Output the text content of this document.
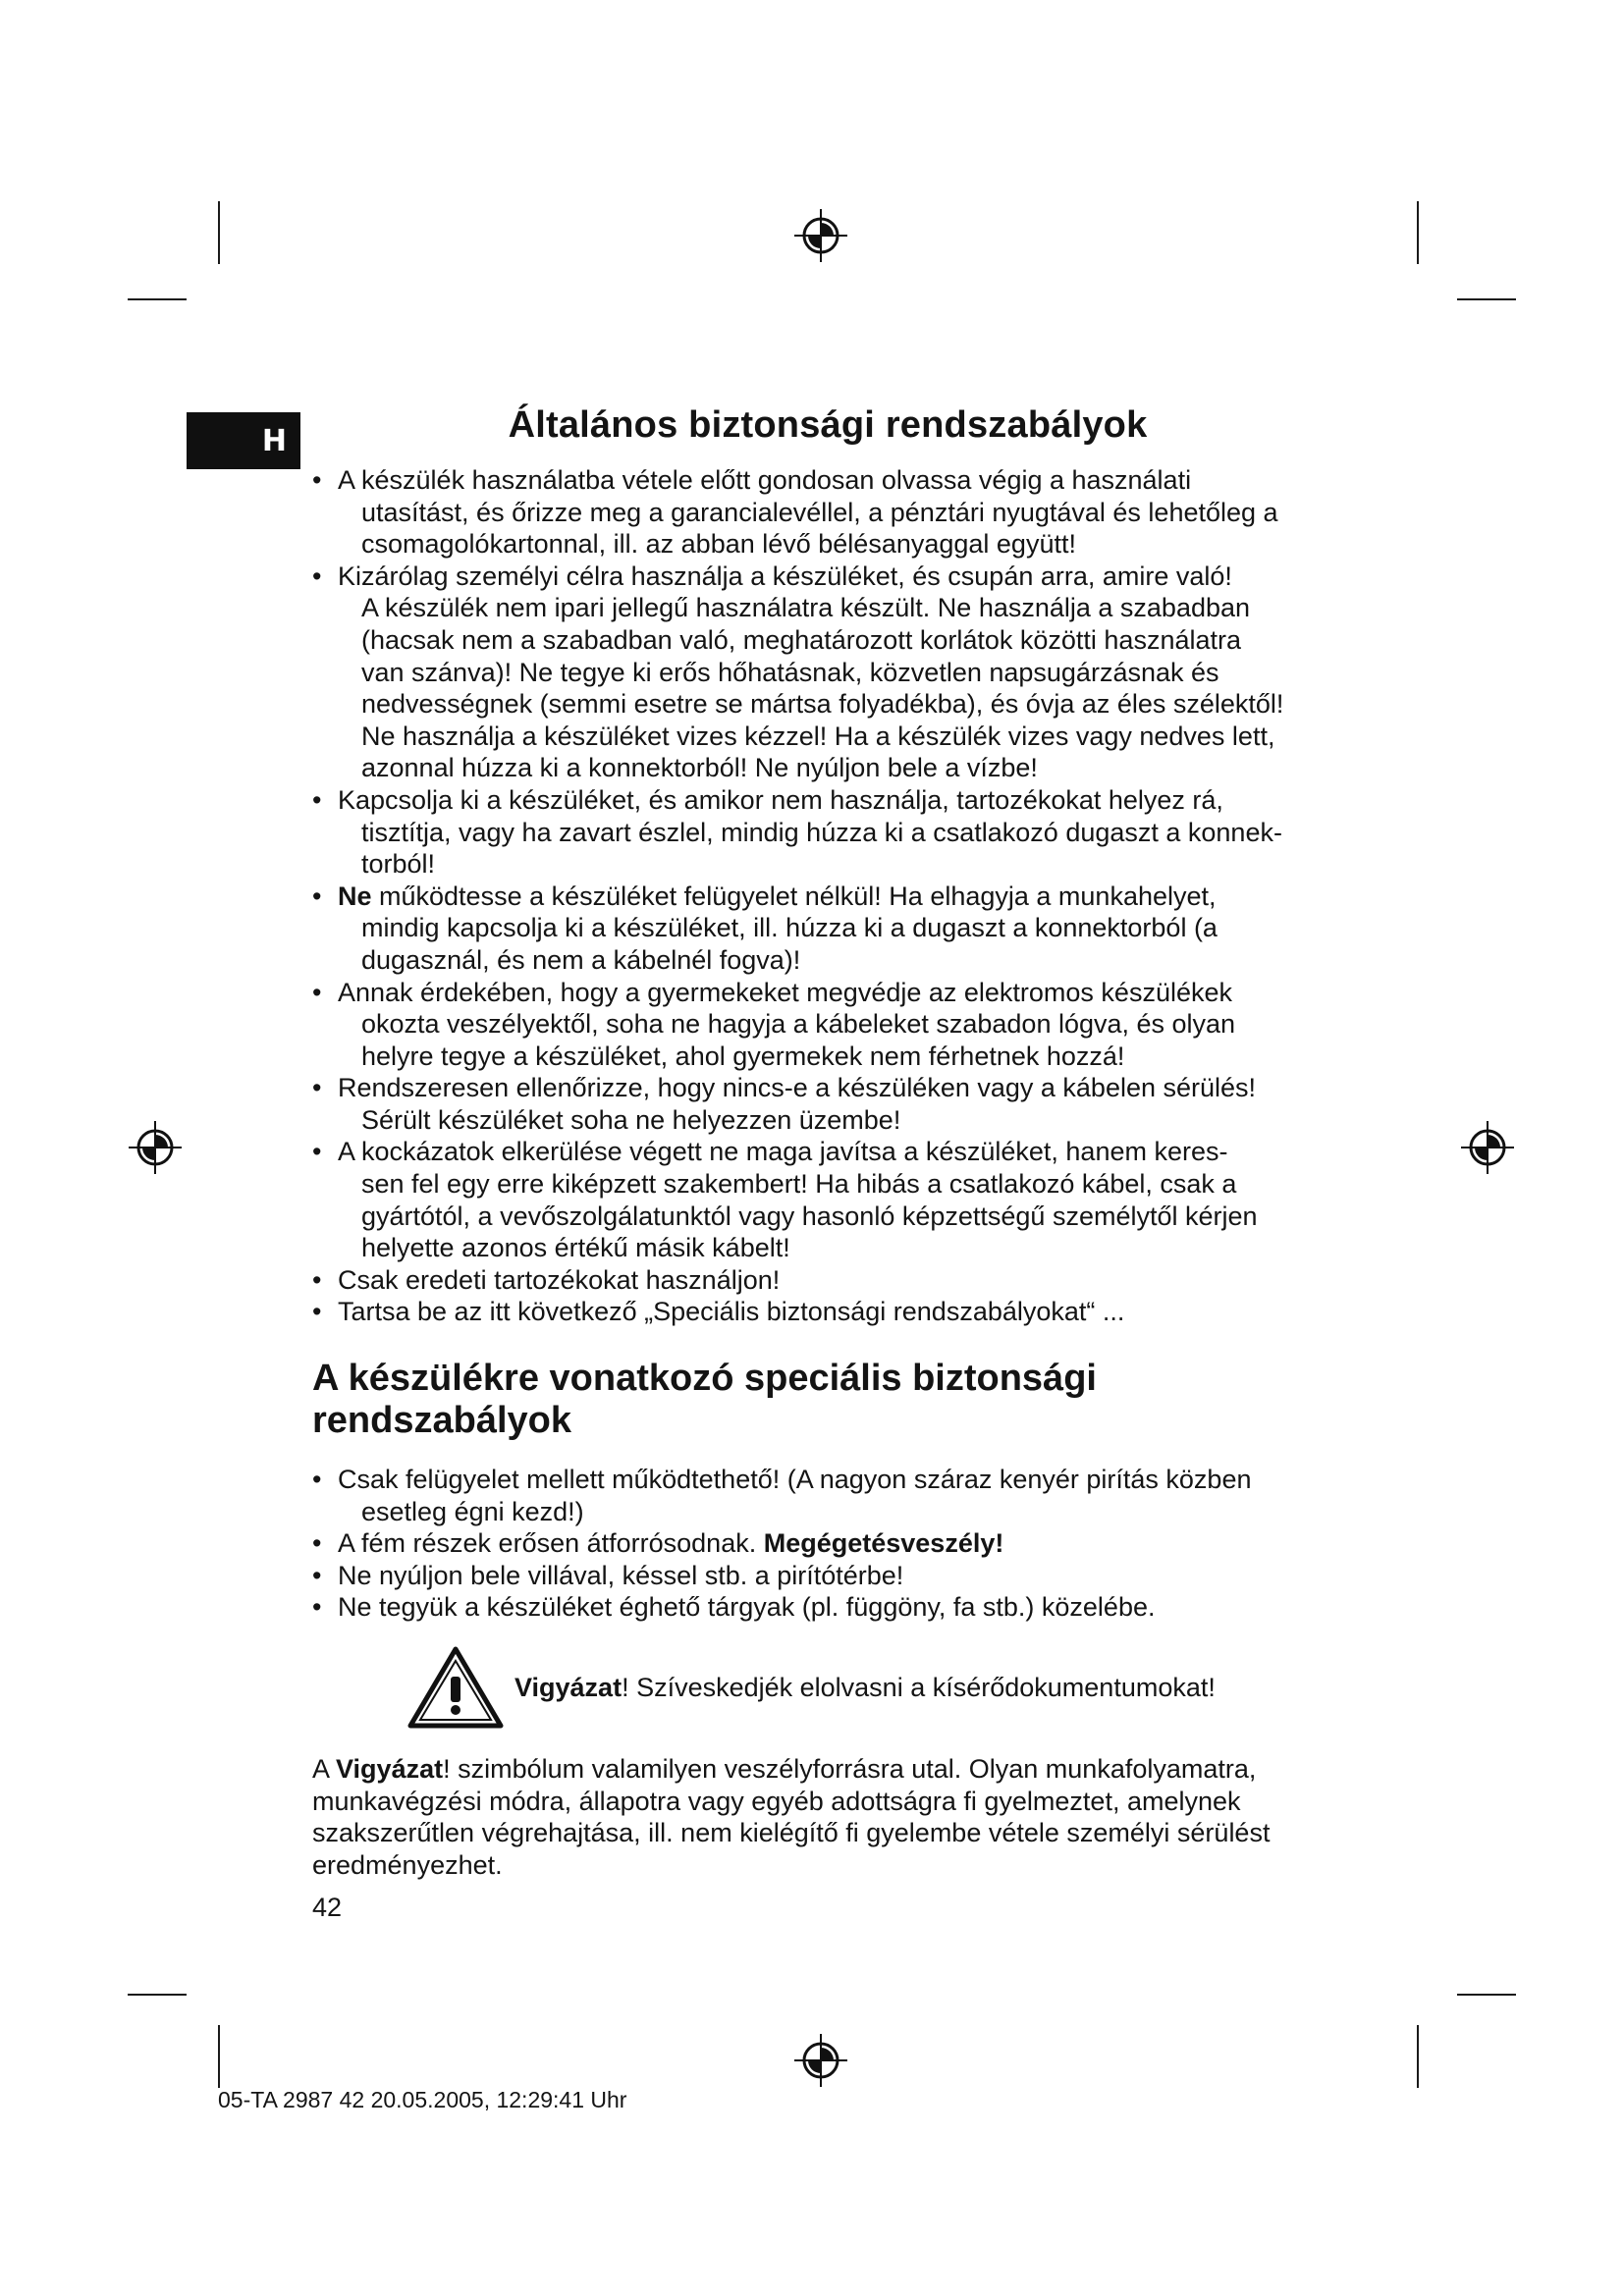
H	Általános biztonsági rendszabályok
• A készülék használatba vétele előtt gondosan olvassa végig a használati
utasítást, és őrizze meg a garancialevéllel, a pénztári nyugtával és lehetőleg a
csomagolókartonnal, ill. az abban lévő bélésanyaggal együtt!
• Kizárólag személyi célra használja a készüléket, és csupán arra, amire való!
A készülék nem ipari jellegű használatra készült. Ne használja a szabadban
(hacsak nem a szabadban való, meghatározott korlátok közötti használatra
van szánva)! Ne tegye ki erős hőhatásnak, közvetlen napsugárzásnak és
nedvességnek (semmi esetre se mártsa folyadékba), és óvja az éles szélektől!
Ne használja a készüléket vizes kézzel! Ha a készülék vizes vagy nedves lett,
azonnal húzza ki a konnektorból! Ne nyúljon bele a vízbe!
• Kapcsolja ki a készüléket, és amikor nem használja, tartozékokat helyez rá,
tisztítja, vagy ha zavart észlel, mindig húzza ki a csatlakozó dugaszt a konnek-
torból!
• Ne működtesse a készüléket felügyelet nélkül! Ha elhagyja a munkahelyet,
mindig kapcsolja ki a készüléket, ill. húzza ki a dugaszt a konnektorból (a
dugasznál, és nem a kábelnél fogva)!
• Annak érdekében, hogy a gyermekeket megvédje az elektromos készülékek
okozta veszélyektől, soha ne hagyja a kábeleket szabadon lógva, és olyan
helyre tegye a készüléket, ahol gyermekek nem férhetnek hozzá!
• Rendszeresen ellenőrizze, hogy nincs-e a készüléken vagy a kábelen sérülés!
Sérült készüléket soha ne helyezzen üzembe!
• A kockázatok elkerülése végett ne maga javítsa a készüléket, hanem keres-
sen fel egy erre kiképzett szakembert! Ha hibás a csatlakozó kábel, csak a
gyártótól, a vevőszolgálatunktól vagy hasonló képzettségű személytől kérjen
helyette azonos értékű másik kábelt!
• Csak eredeti tartozékokat használjon!
• Tartsa be az itt következő „Speciális biztonsági rendszabályokat“ ...
A készülékre vonatkozó speciális biztonsági rendszabályok
• Csak felügyelet mellett működtethető! (A nagyon száraz kenyér pirítás közben
esetleg égni kezd!)
• A fém részek erősen átforrósodnak. Megégetésveszély!
• Ne nyúljon bele villával, késsel stb. a pirítótérbe!
• Ne tegyük a készüléket éghető tárgyak (pl. függöny, fa stb.) közelébe.
Vigyázat! Szíveskedjék elolvasni a kísérődokumentumokat!

A Vigyázat! szimbólum valamilyen veszélyforrásra utal. Olyan munkafolyamatra,
munkavégzési módra, állapotra vagy egyéb adottságra fi gyelmeztet, amelynek
szakszerűtlen végrehajtása, ill. nem kielégítő fi gyelembe vétele személyi sérülést
eredményezhet.

42
05-TA 2987 42 20.05.2005, 12:29:41 Uhr
